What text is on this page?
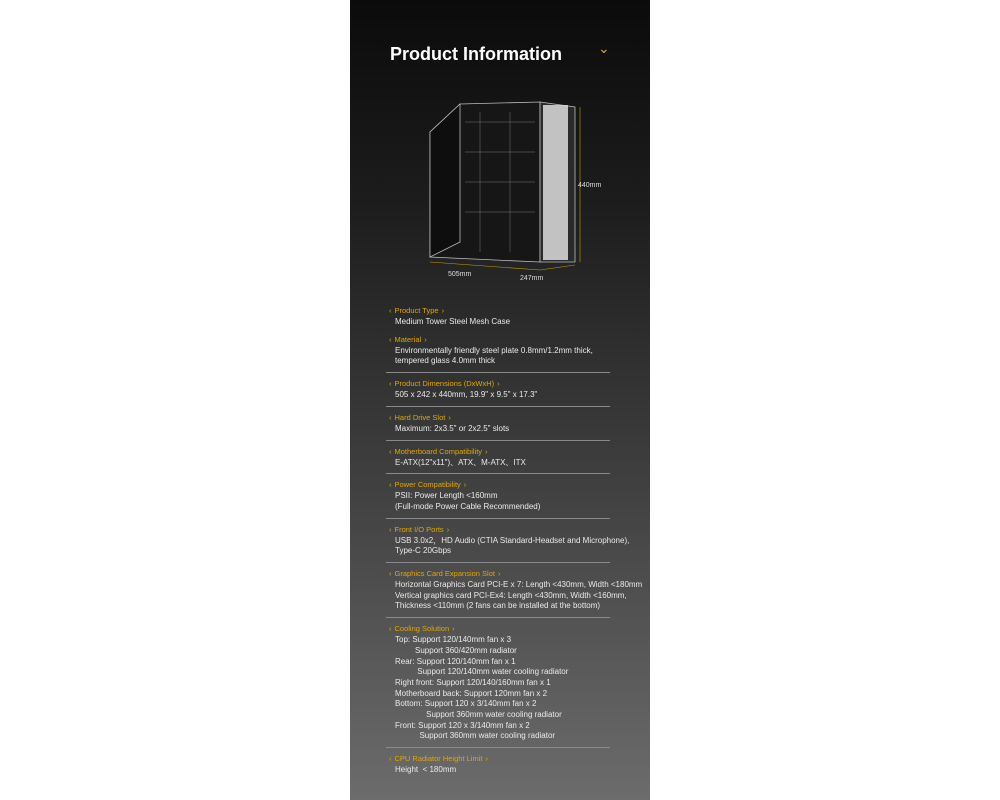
Product Information	⌄
440mm
505mm
247mm
‹ Product Type ›
Medium Tower Steel Mesh Case
‹ Material ›
Environmentally friendly steel plate 0.8mm/1.2mm thick,
tempered glass 4.0mm thick
‹ Product Dimensions (DxWxH) ›
505 x 242 x 440mm, 19.9" x 9.5" x 17.3"
‹ Hard Drive Slot ›
Maximum: 2x3.5" or 2x2.5" slots
‹ Motherboard Compatibility ›
E-ATX(12"x11")、ATX、M-ATX、ITX
‹ Power Compatibility ›
PSII: Power Length <160mm
(Full-mode Power Cable Recommended)
‹ Front I/O Ports ›
USB 3.0x2，HD Audio (CTIA Standard-Headset and Microphone),
Type-C 20Gbps
‹ Graphics Card Expansion Slot ›
Horizontal Graphics Card PCI-E x 7: Length <430mm, Width <180mm
Vertical graphics card PCI-Ex4: Length <430mm, Width <160mm,
Thickness <110mm (2 fans can be installed at the bottom)
‹ Cooling Solution ›
Top: Support 120/140mm fan x 3
Support 360/420mm radiator
Rear: Support 120/140mm fan x 1
Support 120/140mm water cooling radiator
Right front: Support 120/140/160mm fan x 1
Motherboard back: Support 120mm fan x 2
Bottom: Support 120 x 3/140mm fan x 2
Support 360mm water cooling radiator
Front: Support 120 x 3/140mm fan x 2
Support 360mm water cooling radiator
‹ CPU Radiator Height Limit ›
Height  < 180mm
